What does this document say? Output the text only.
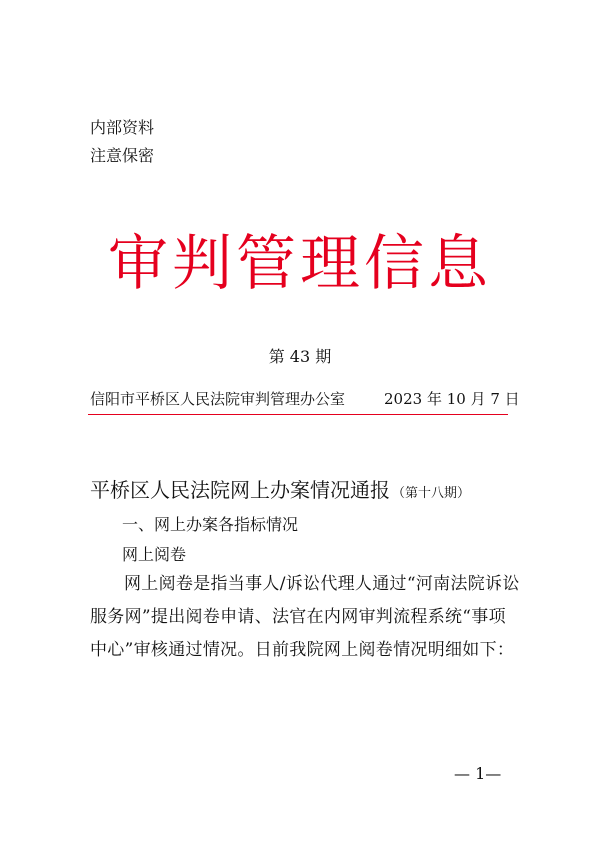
内部资料
注意保密
审判管理信息
第 43 期
信阳市平桥区人民法院审判管理办公室	2023 年 10 月 7 日
平桥区人民法院网上办案情况通报 （第十八期）
一、网上办案各指标情况
网上阅卷
网上阅卷是指当事人/诉讼代理人通过“河南法院诉讼服务网”提出阅卷申请、法官在内网审判流程系统“事项中心”审核通过情况。日前我院网上阅卷情况明细如下：
— 1—
